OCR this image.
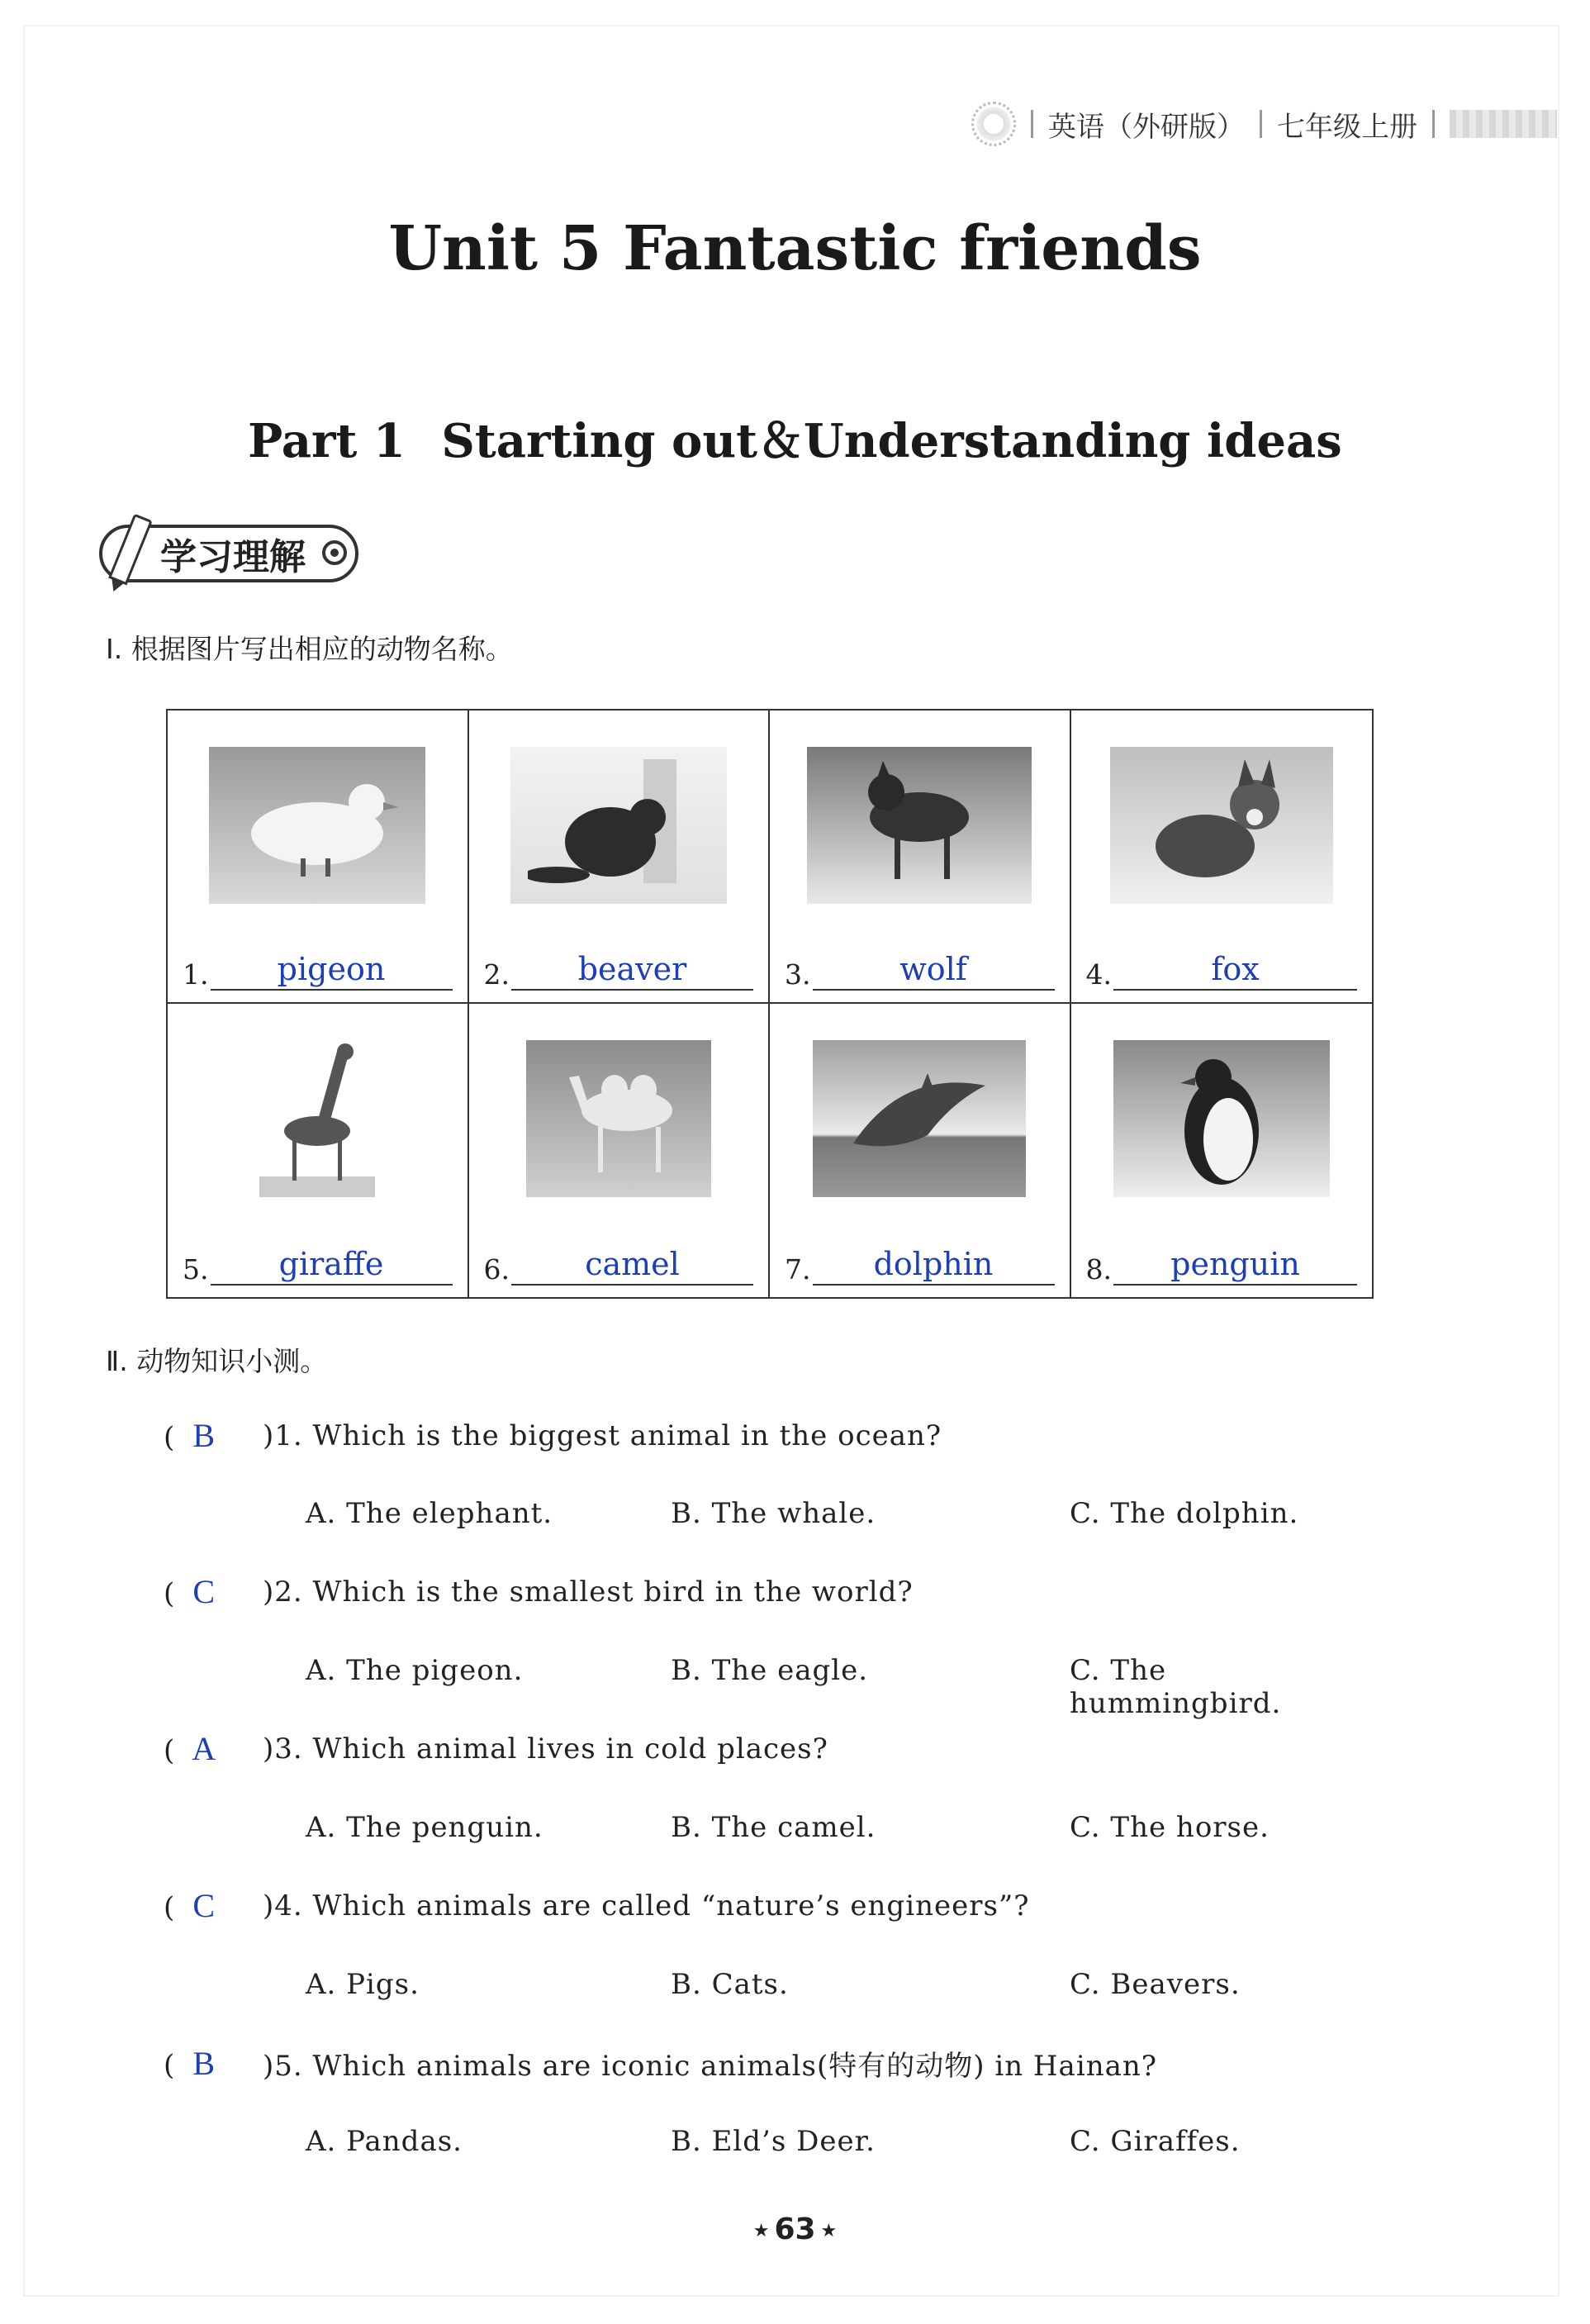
英语（外研版） 七年级上册
Unit 5 Fantastic friends
Part 1 Starting out＆Understanding ideas
学习理解
Ⅰ. 根据图片写出相应的动物名称。
1.	pigeon	2.	beaver	3.	wolf	4.	fox
5.	giraffe	6.	camel	7.	dolphin	8.	penguin
Ⅱ. 动物知识小测。
( B	)1. Which is the biggest animal in the ocean?
A. The elephant.	B. The whale.	C. The dolphin.
( C	)2. Which is the smallest bird in the world?
A. The pigeon.	B. The eagle.	C. The hummingbird.
( A	)3. Which animal lives in cold places?
A. The penguin.	B. The camel.	C. The horse.
( C	)4. Which animals are called “nature’s engineers”?
A. Pigs.	B. Cats.	C. Beavers.
( B	)5. Which animals are iconic animals(特有的动物) in Hainan?
A. Pandas.	B. Eld’s Deer.	C. Giraffes.
★ 63 ★
